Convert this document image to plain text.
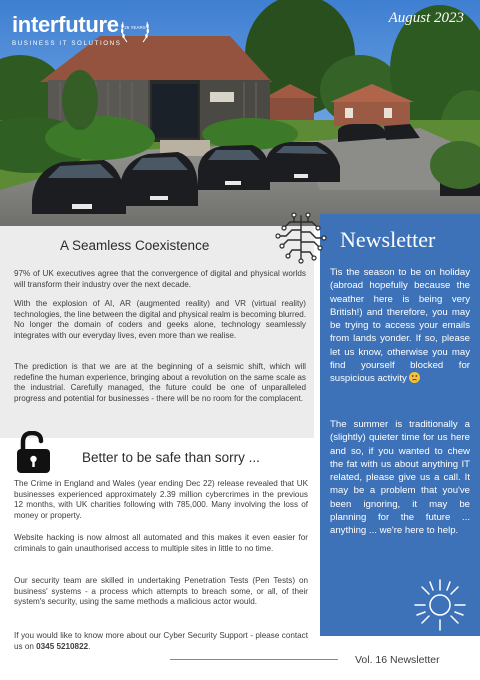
interfuture
BUSINESS IT SOLUTIONS
25 YEARS
August 2023
A Seamless Coexistence

97% of UK executives agree that the convergence of digital and physical worlds will transform their industry over the next decade.

With the explosion of AI, AR (augmented reality) and VR (virtual reality) technologies, the line between the digital and physical realm is becoming blurred. No longer the domain of coders and geeks alone, technology seamlessly integrates with our everyday lives, even more than we realise.

The prediction is that we are at the beginning of a seismic shift, which will redefine the human experience, bringing about a revolution on the same scale as the industrial. Carefully managed, the future could be one of unparalleled progress and potential for businesses - there will be no room for the complacent.

Better to be safe than sorry ...

The Crime in England and Wales (year ending Dec 22) release revealed that UK businesses experienced approximately 2.39 million cybercrimes in the previous 12 months, with UK charities following with 785,000. Many involving the loss of money or property.

Website hacking is now almost all automated and this makes it even easier for criminals to gain unauthorised access to multiple sites in little to no time.

Our security team are skilled in undertaking Penetration Tests (Pen Tests) on business' systems - a process which attempts to breach some, or all, of their system's security, using the same methods a malicious actor would.

If you would like to know more about our Cyber Security Support - please contact us on 0345 5210822.

Newsletter

Tis the season to be on holiday (abroad hopefully because the weather here is being very British!) and therefore, you may be trying to access your emails from lands yonder. If so, please let us know, otherwise you may find yourself blocked for suspicious activity

The summer is traditionally a (slightly) quieter time for us here and so, if you wanted to chew the fat with us about anything IT related, please give us a call. It may be a problem that you've been ignoring, it may be planning for the future ... anything ... we're here to help.

Vol. 16 Newsletter
